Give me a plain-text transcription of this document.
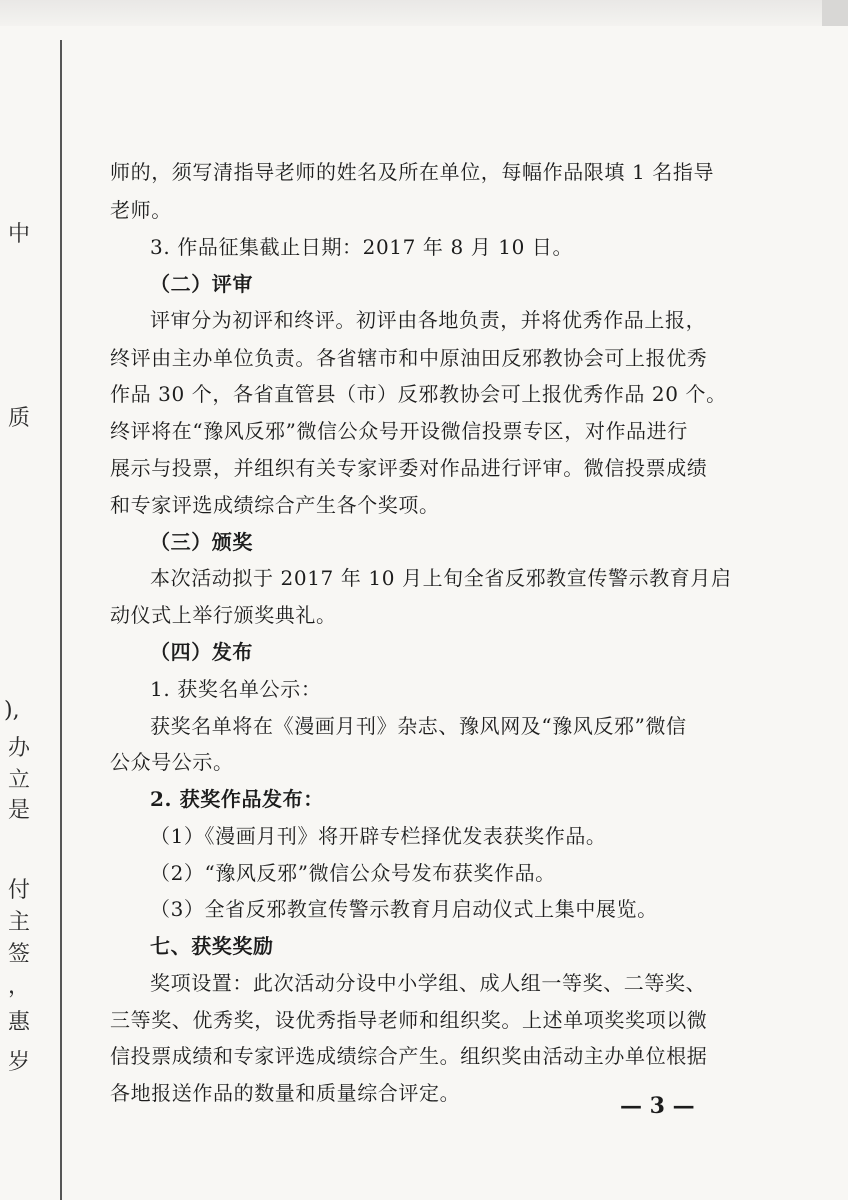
中
质
),
办
立
是
付
主
签
，
惠
岁
师的，须写清指导老师的姓名及所在单位，每幅作品限填 1 名指导
老师。
3. 作品征集截止日期：2017 年 8 月 10 日。
（二）评审
评审分为初评和终评。初评由各地负责，并将优秀作品上报，
终评由主办单位负责。各省辖市和中原油田反邪教协会可上报优秀
作品 30 个，各省直管县（市）反邪教协会可上报优秀作品 20 个。
终评将在“豫风反邪”微信公众号开设微信投票专区，对作品进行
展示与投票，并组织有关专家评委对作品进行评审。微信投票成绩
和专家评选成绩综合产生各个奖项。
（三）颁奖
本次活动拟于 2017 年 10 月上旬全省反邪教宣传警示教育月启
动仪式上举行颁奖典礼。
（四）发布
1. 获奖名单公示：
获奖名单将在《漫画月刊》杂志、豫风网及“豫风反邪”微信
公众号公示。
2. 获奖作品发布：
（1）《漫画月刊》将开辟专栏择优发表获奖作品。
（2）“豫风反邪”微信公众号发布获奖作品。
（3）全省反邪教宣传警示教育月启动仪式上集中展览。
七、获奖奖励
奖项设置：此次活动分设中小学组、成人组一等奖、二等奖、
三等奖、优秀奖，设优秀指导老师和组织奖。上述单项奖奖项以微
信投票成绩和专家评选成绩综合产生。组织奖由活动主办单位根据
各地报送作品的数量和质量综合评定。	— 3 —
